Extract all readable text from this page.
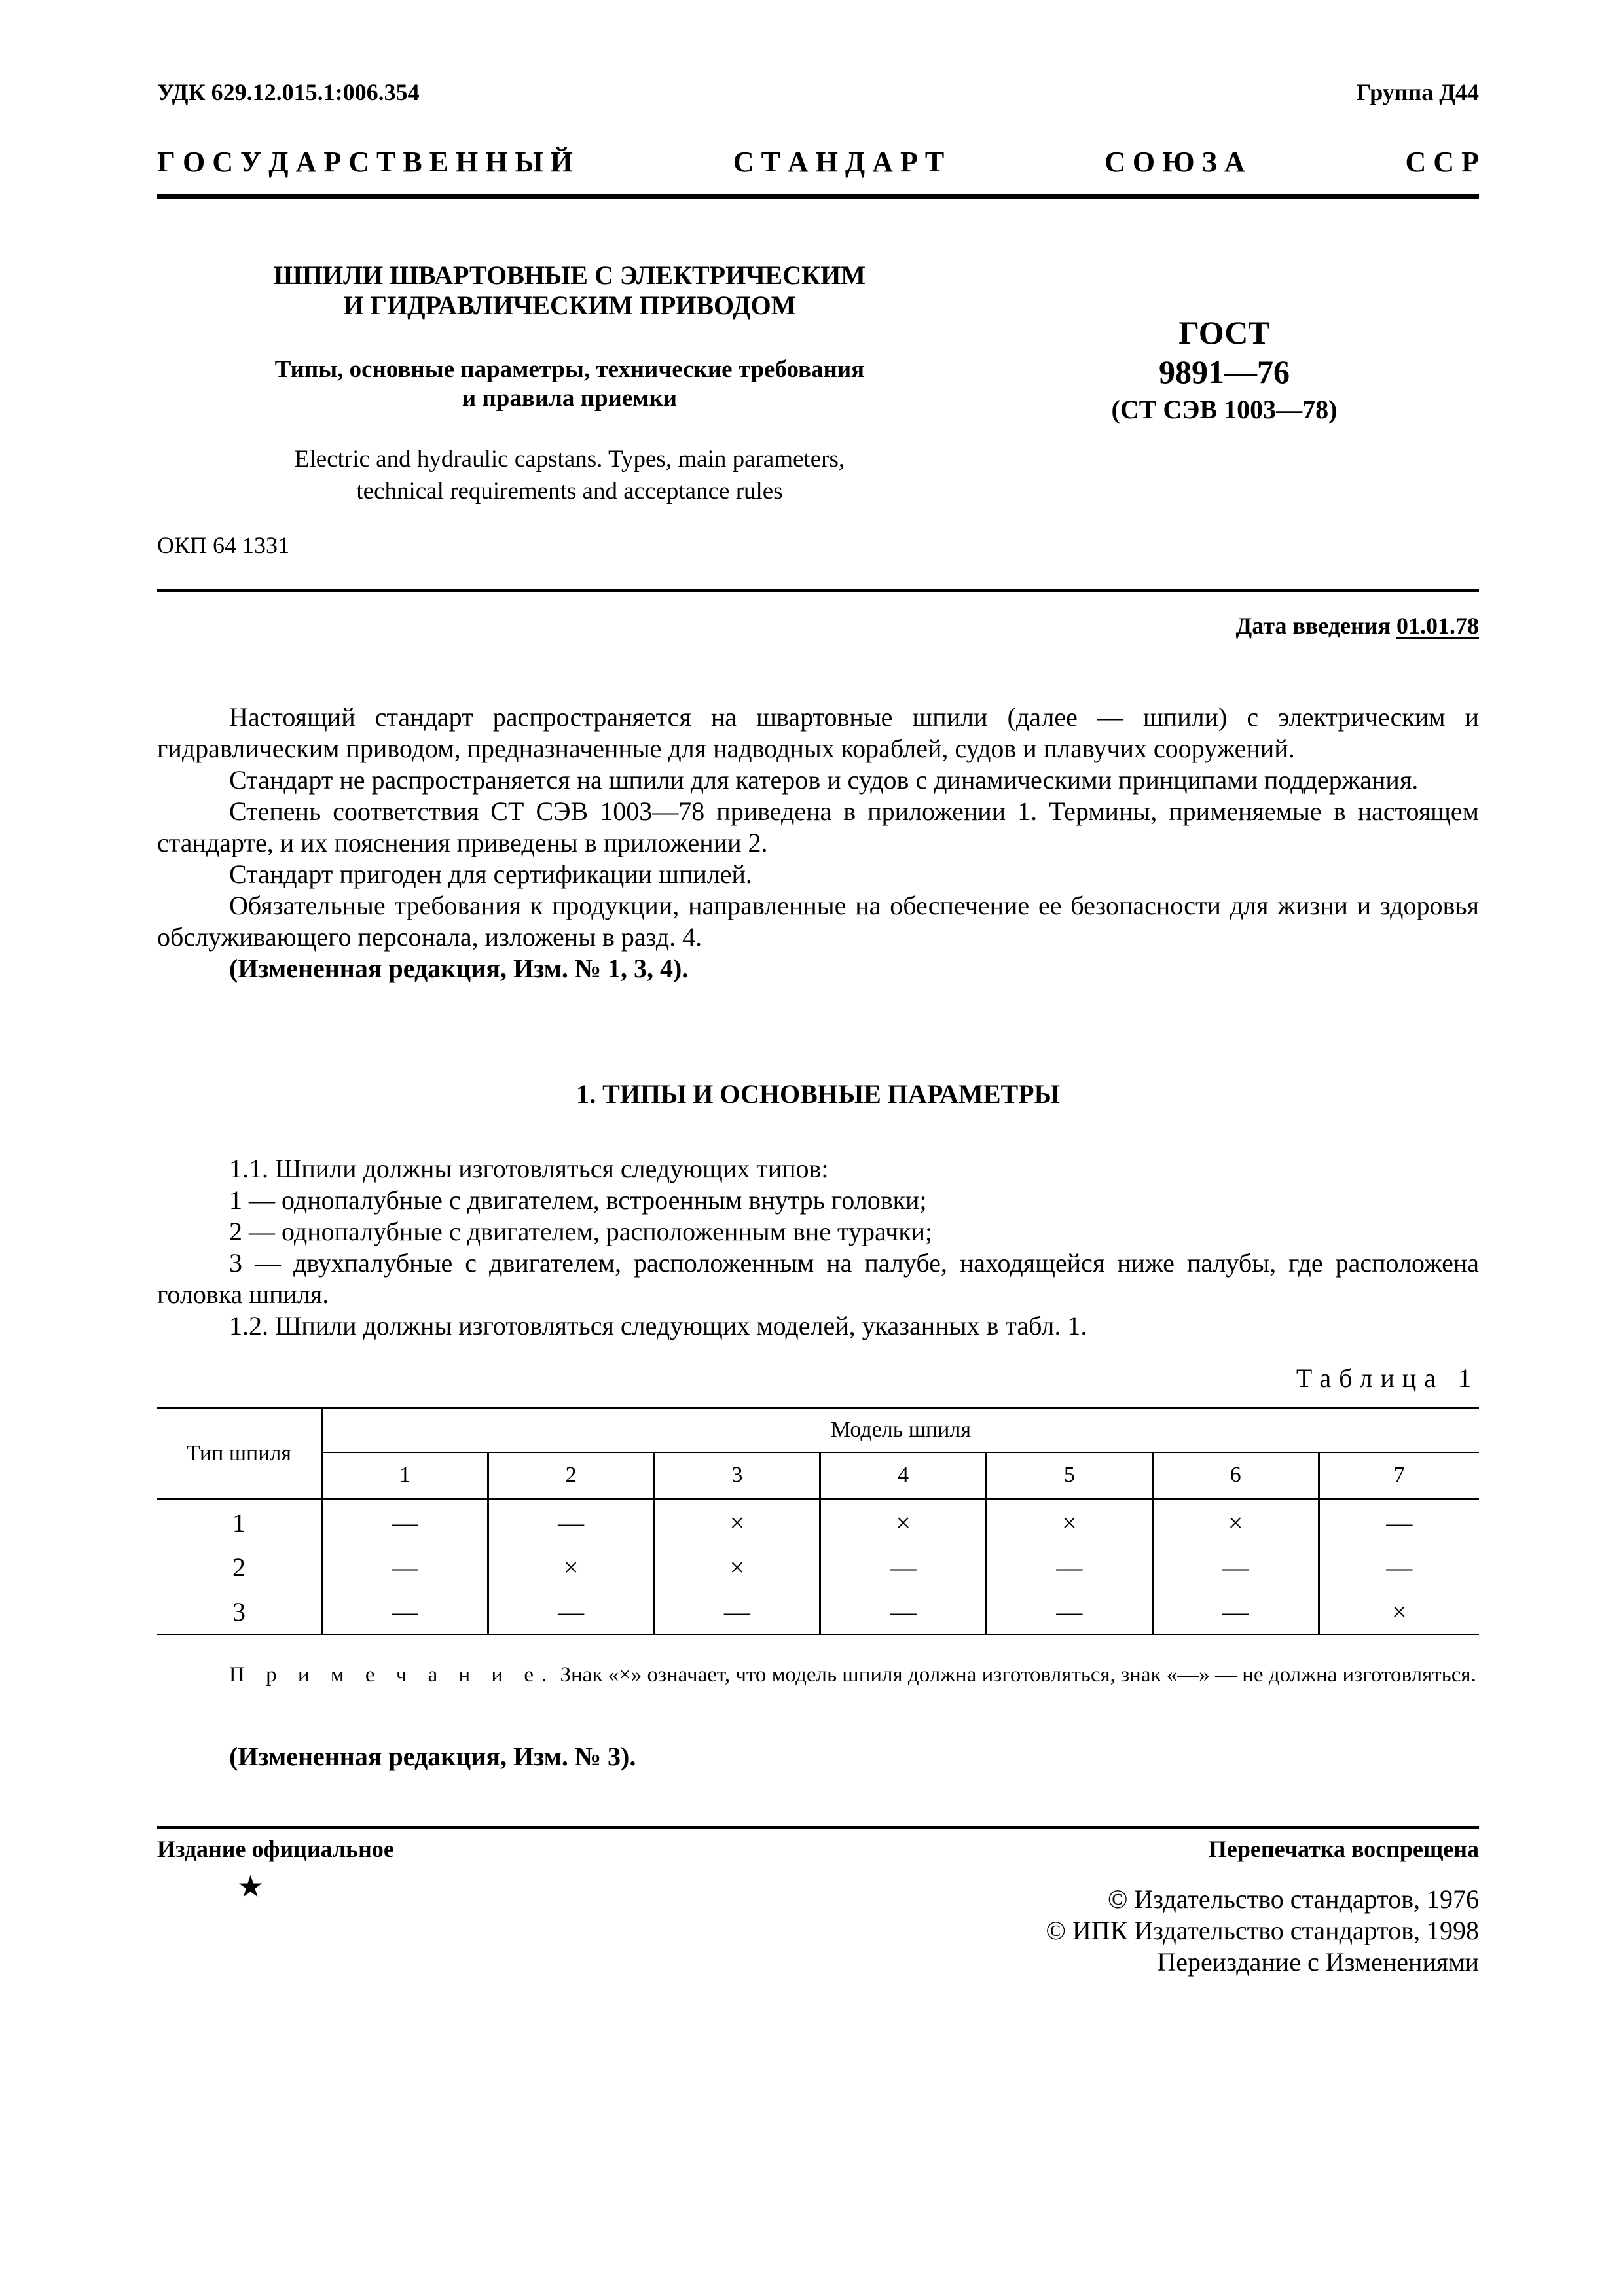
УДК 629.12.015.1:006.354	Группа Д44
Г О С У Д А Р С Т В Е Н Н Ы Й	С Т А Н Д А Р Т	С О Ю З А	С С Р
ШПИЛИ ШВАРТОВНЫЕ С ЭЛЕКТРИЧЕСКИМ
И ГИДРАВЛИЧЕСКИМ ПРИВОДОМ
Типы, основные параметры, технические требования
и правила приемки
Electric and hydraulic capstans. Types, main parameters,
technical requirements and acceptance rules
ГОСТ
9891—76
(СТ СЭВ 1003—78)
ОКП 64 1331
Дата введения 01.01.78

Настоящий стандарт распространяется на швартовные шпили (далее — шпили) с электрическим и гидравлическим приводом, предназначенные для надводных кораблей, судов и плавучих сооружений.

Стандарт не распространяется на шпили для катеров и судов с динамическими принципами поддержания.

Степень соответствия СТ СЭВ 1003—78 приведена в приложении 1. Термины, применяемые в настоящем стандарте, и их пояснения приведены в приложении 2.

Стандарт пригоден для сертификации шпилей.

Обязательные требования к продукции, направленные на обеспечение ее безопасности для жизни и здоровья обслуживающего персонала, изложены в разд. 4.

(Измененная редакция, Изм. № 1, 3, 4).

1. ТИПЫ И ОСНОВНЫЕ ПАРАМЕТРЫ

1.1. Шпили должны изготовляться следующих типов:

1 — однопалубные с двигателем, встроенным внутрь головки;

2 — однопалубные с двигателем, расположенным вне турачки;

3 — двухпалубные с двигателем, расположенным на палубе, находящейся ниже палубы, где расположена головка шпиля.

1.2. Шпили должны изготовляться следующих моделей, указанных в табл. 1.

Таблица 1
Тип шпиля	Модель шпиля						
	1	2	3	4	5	6	7
1	—	—	×	×	×	×	—
2	—	×	×	—	—	—	—
3	—	—	—	—	—	—	×
П р и м е ч а н и е. Знак «×» означает, что модель шпиля должна изготовляться, знак «—» — не должна изготовляться.
(Измененная редакция, Изм. № 3).
Издание официальное	Перепечатка воспрещена
★	© Издательство стандартов, 1976
© ИПК Издательство стандартов, 1998
Переиздание с Изменениями
